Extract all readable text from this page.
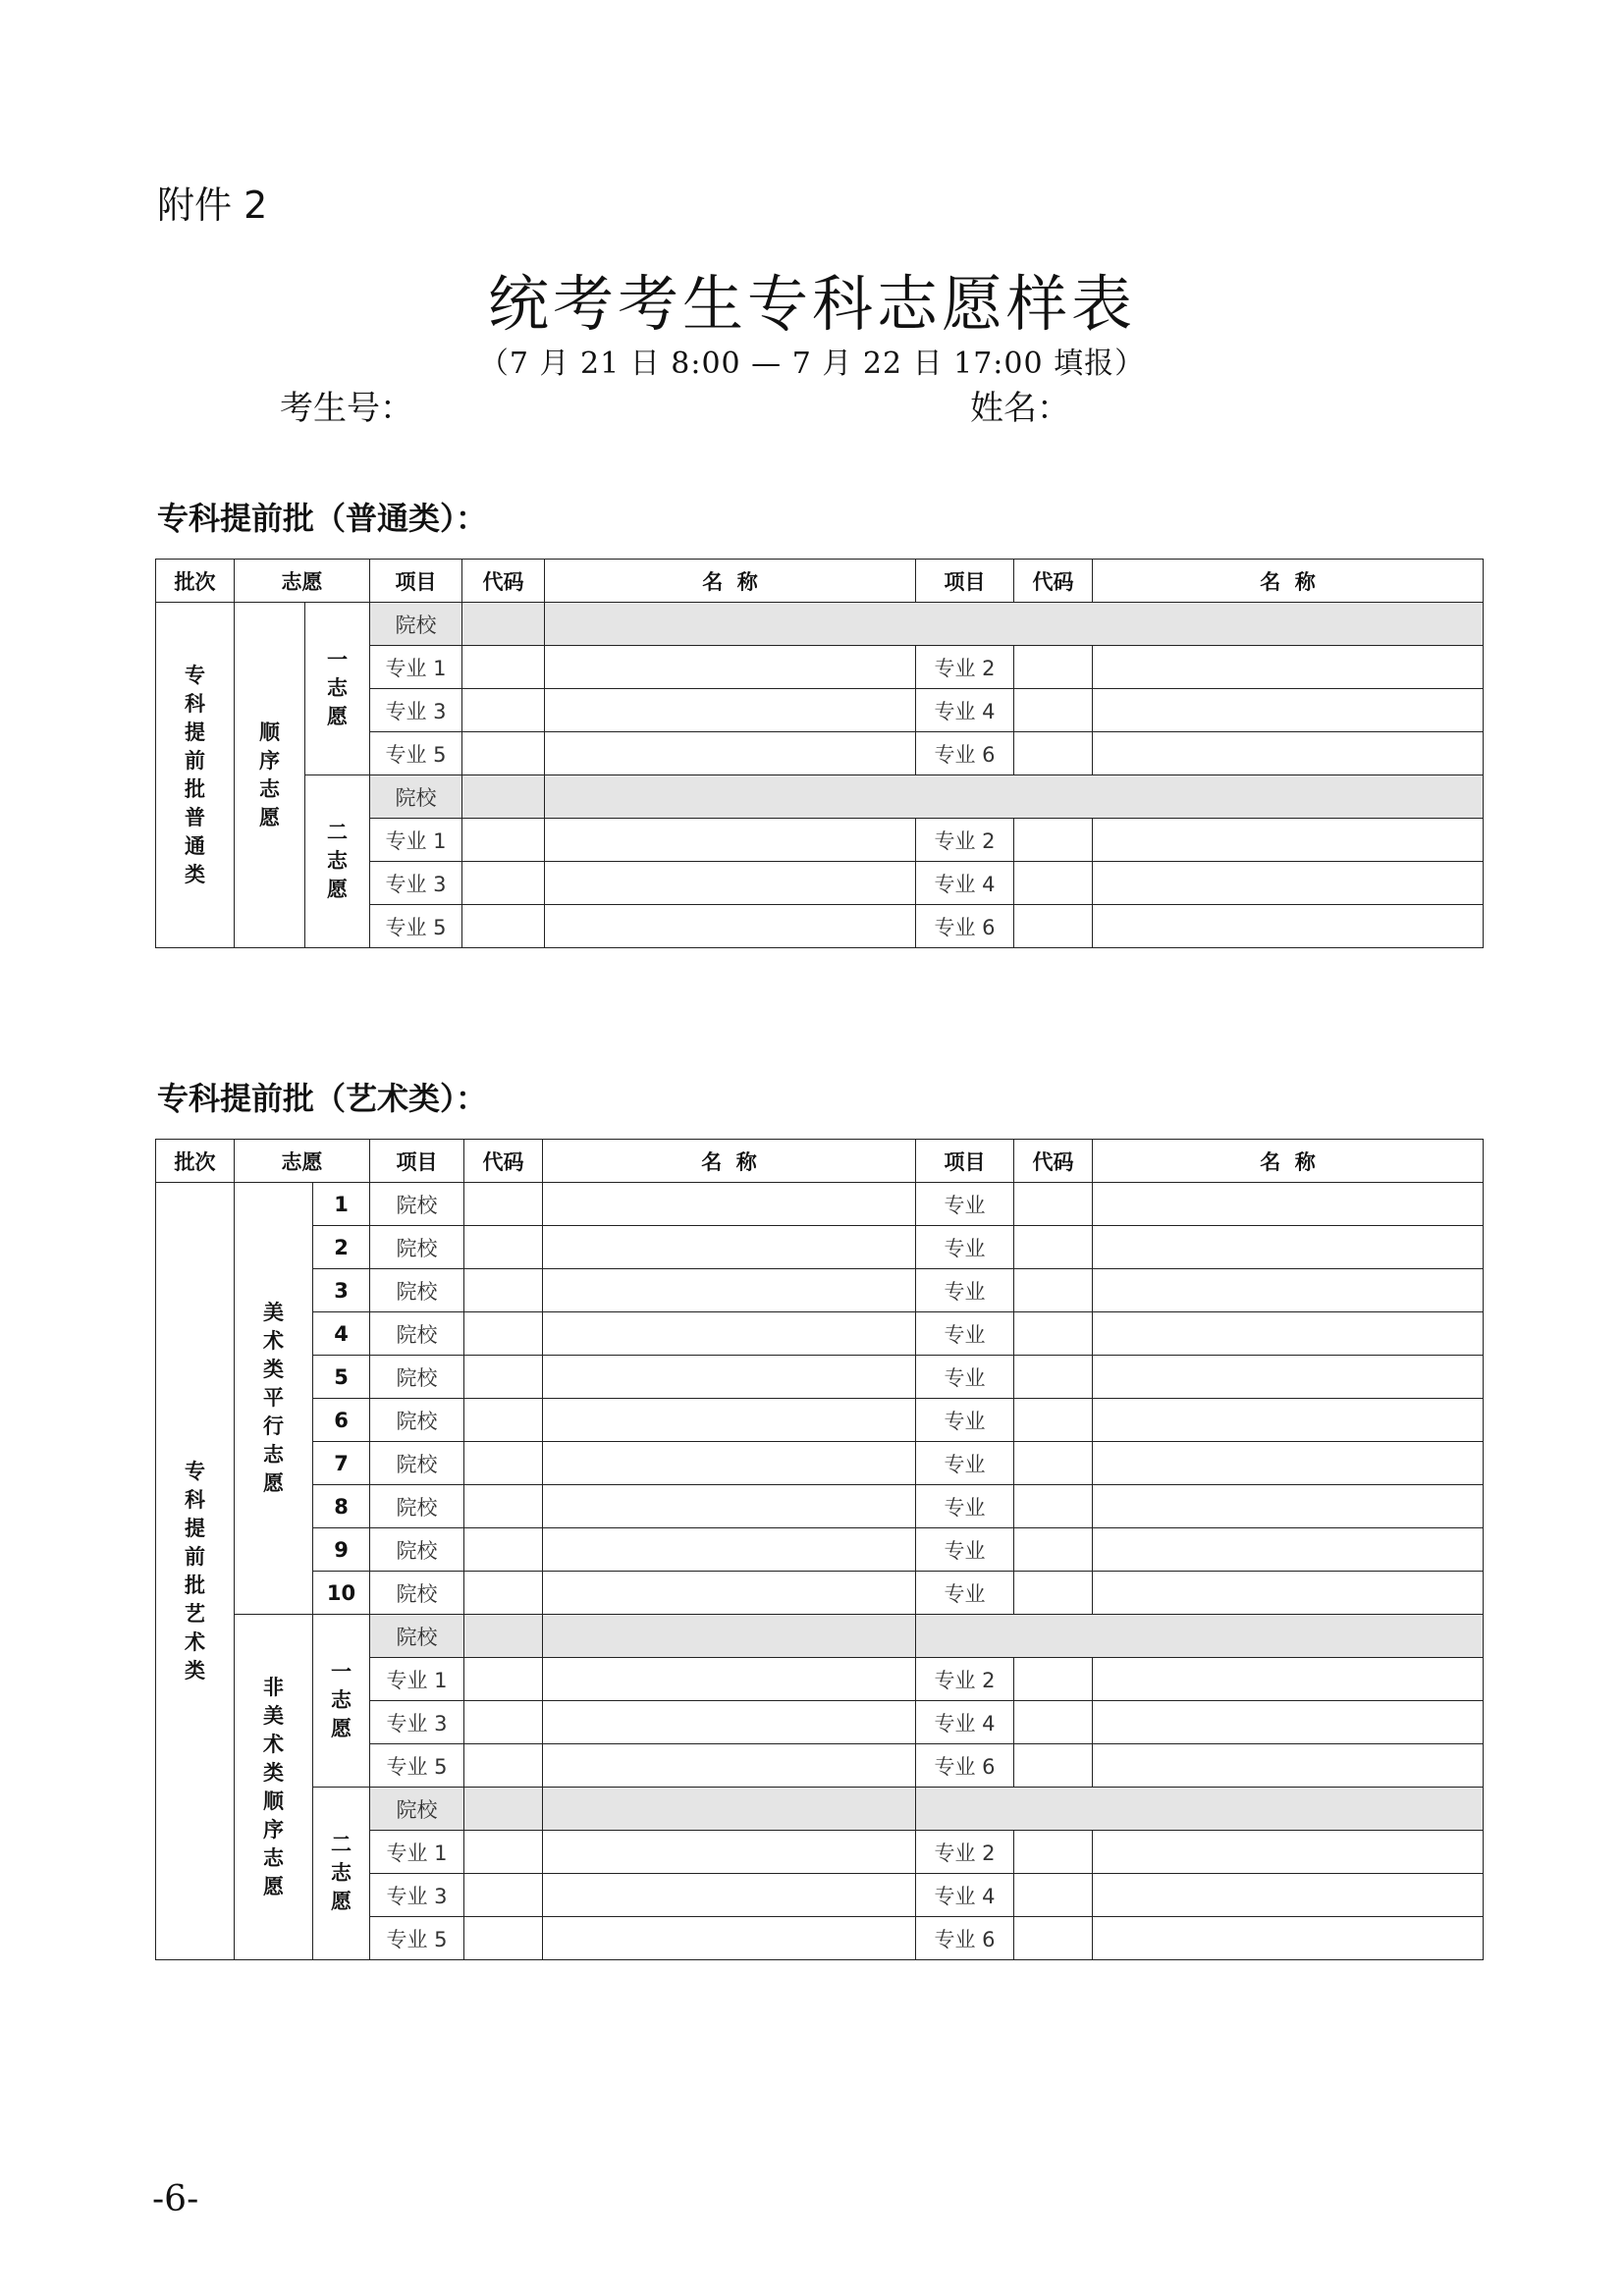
附件 2
统考考生专科志愿样表
（7 月 21 日 8:00 — 7 月 22 日 17:00 填报）
考生号：	姓名：
专科提前批（普通类）：
批次	志愿		项目	代码	名  称	项目	代码	名  称
专科提前批普通类	顺序志愿	一志愿	院校					
			专业 1			专业 2		
			专业 3			专业 4		
			专业 5			专业 6		
		二志愿	院校					
			专业 1			专业 2		
			专业 3			专业 4		
			专业 5			专业 6		
专科提前批（艺术类）：
批次	志愿		项目	代码	名  称	项目	代码	名  称
专科提前批艺术类	美术类平行志愿	1	院校			专业		
		2	院校			专业		
		3	院校			专业		
		4	院校			专业		
		5	院校			专业		
		6	院校			专业		
		7	院校			专业		
		8	院校			专业		
		9	院校			专业		
		10	院校			专业		
	非美术类顺序志愿	一志愿	院校					
			专业 1			专业 2		
			专业 3			专业 4		
			专业 5			专业 6		
		二志愿	院校					
			专业 1			专业 2		
			专业 3			专业 4		
			专业 5			专业 6		
-6-
